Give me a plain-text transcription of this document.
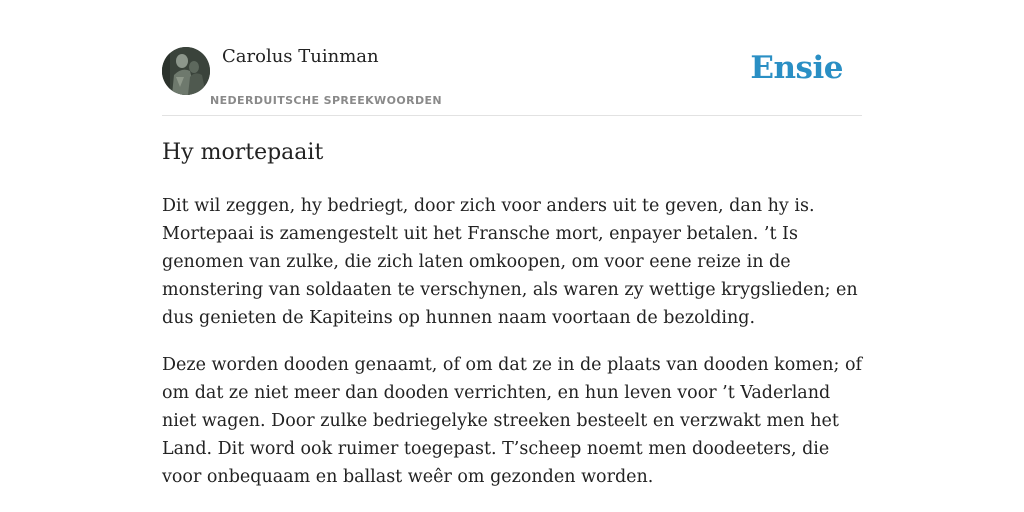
Carolus Tuinman
NEDERDUITSCHE SPREEKWOORDEN
Ensie
Hy mortepaait

Dit wil zeggen, hy bedriegt, door zich voor anders uit te geven, dan hy is. Mortepaai is zamengestelt uit het Fransche mort, enpayer betalen. ’t Is genomen van zulke, die zich laten omkoopen, om voor eene reize in de monstering van soldaaten te verschynen, als waren zy wettige krygslieden; en dus genieten de Kapiteins op hunnen naam voortaan de bezolding.

Deze worden dooden genaamt, of om dat ze in de plaats van dooden komen; of om dat ze niet meer dan dooden verrichten, en hun leven voor ’t Vaderland niet wagen. Door zulke bedriegelyke streeken besteelt en verzwakt men het Land. Dit word ook ruimer toegepast. T’scheep noemt men doodeeters, die voor onbequaam en ballast weêr om gezonden worden.
